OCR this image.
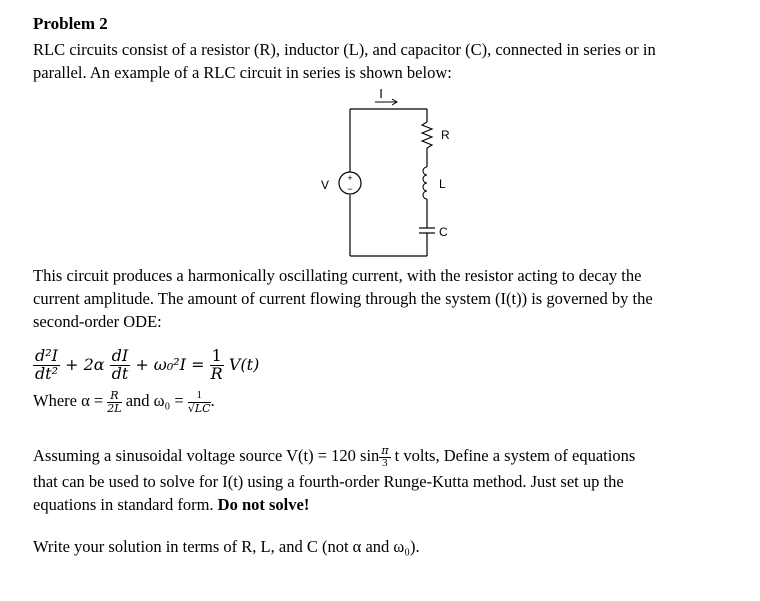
Problem 2
RLC circuits consist of a resistor (R), inductor (L), and capacitor (C), connected in series or in
parallel. An example of a RLC circuit in series is shown below:
I
+
−
V
R
L
C
This circuit produces a harmonically oscillating current, with the resistor acting to decay the
current amplitude. The amount of current flowing through the system (I(t)) is governed by the
second-order ODE:
$\frac{\text{d²I}}{\text{dt²}} + 2\alpha \frac{dI}{dt} + \omega_0^2I = \frac{1}{R} V(t)$
Where $\alpha = \frac{R}{2L}$ and $\omega_0 = \frac{1}{√LC}$ .
Assuming a sinusoidal voltage source V(t) = 120 $\sin \frac{\pi}{3}$ t volts, Define a system of equations
that can be used to solve for I(t) using a fourth-order Runge-Kutta method. Just set up the
equations in standard form. Do not solve!
Write your solution in terms of R, L, and C (not α and ω₀).
